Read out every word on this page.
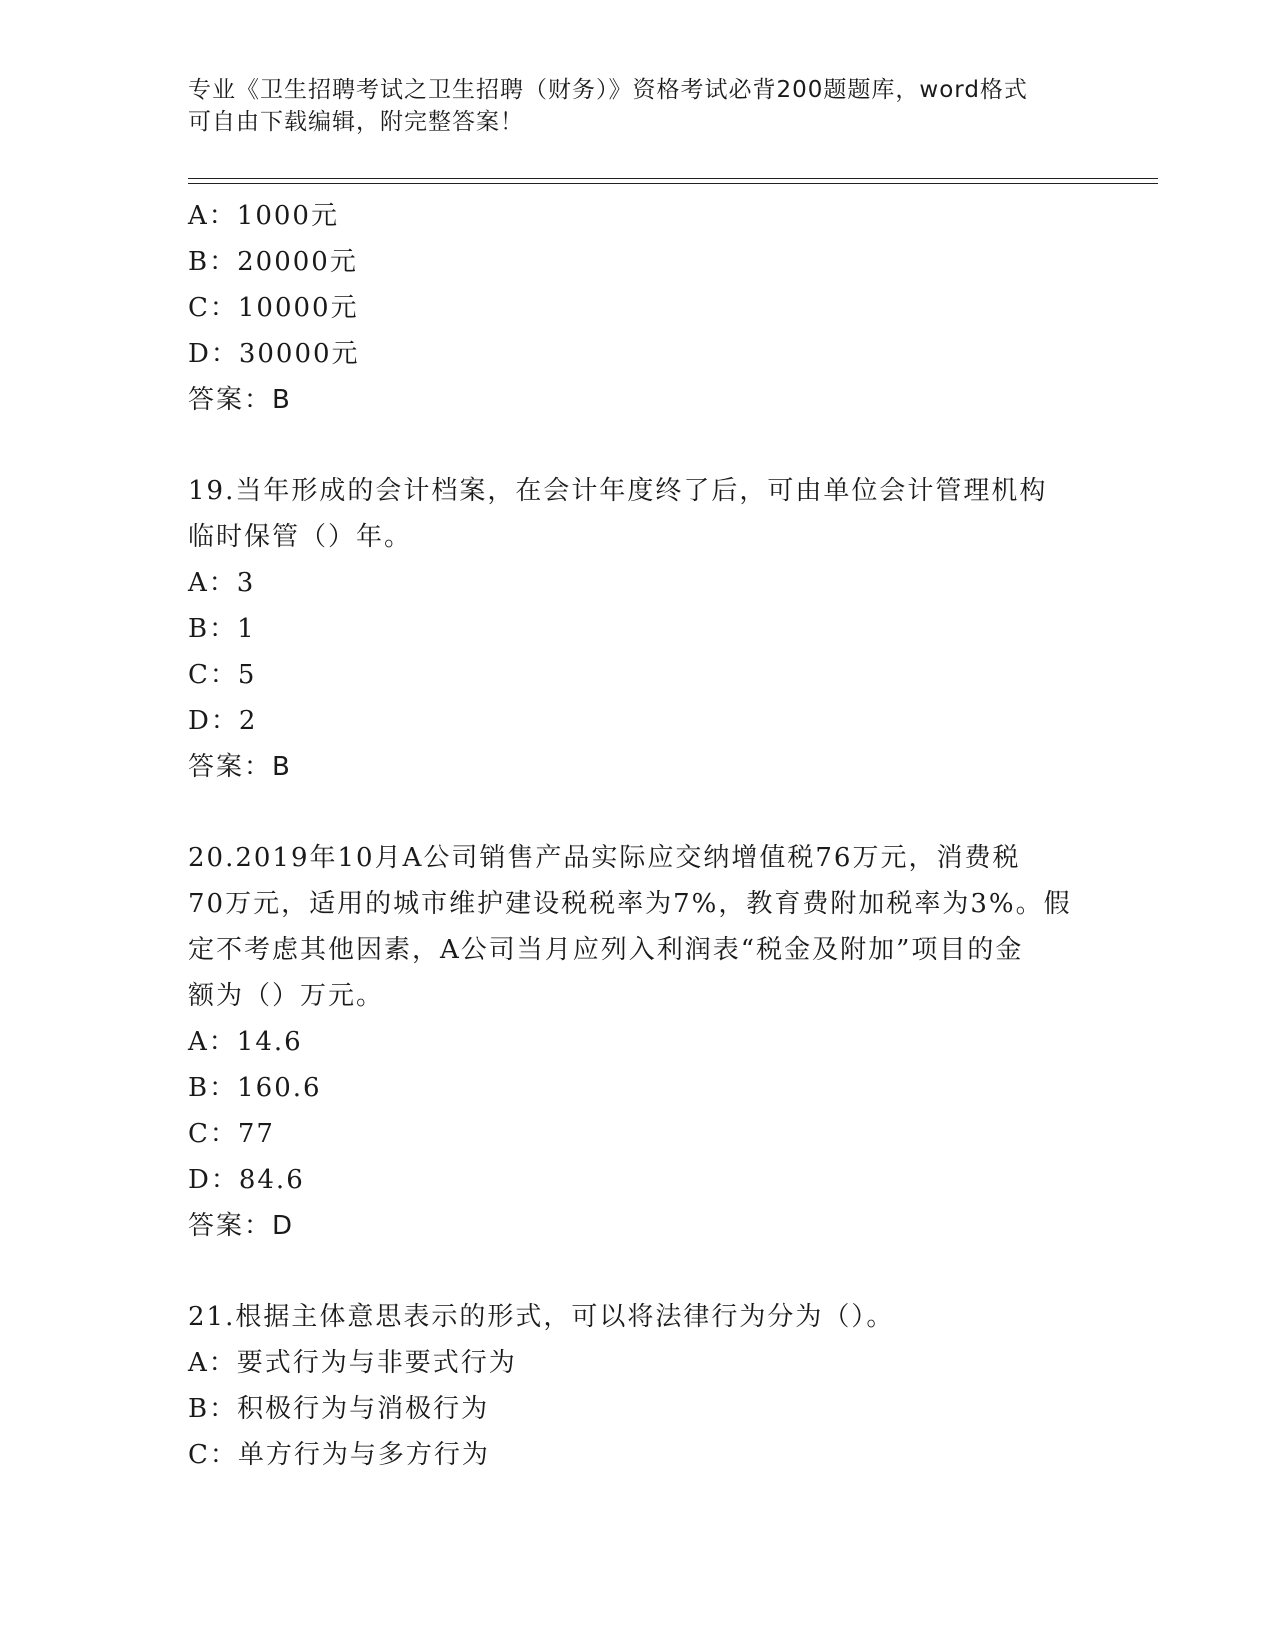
专业《卫生招聘考试之卫生招聘（财务）》资格考试必背200题题库，word格式
可自由下载编辑，附完整答案！
A：1000元
B：20000元
C：10000元
D：30000元
答案：B
19.当年形成的会计档案，在会计年度终了后，可由单位会计管理机构
临时保管（）年。
A：3
B：1
C：5
D：2
答案：B
20.2019年10月A公司销售产品实际应交纳增值税76万元，消费税
70万元，适用的城市维护建设税税率为7%，教育费附加税率为3%。假
定不考虑其他因素，A公司当月应列入利润表“税金及附加”项目的金
额为（）万元。
A：14.6
B：160.6
C：77
D：84.6
答案：D
21.根据主体意思表示的形式，可以将法律行为分为（）。
A：要式行为与非要式行为
B：积极行为与消极行为
C：单方行为与多方行为
